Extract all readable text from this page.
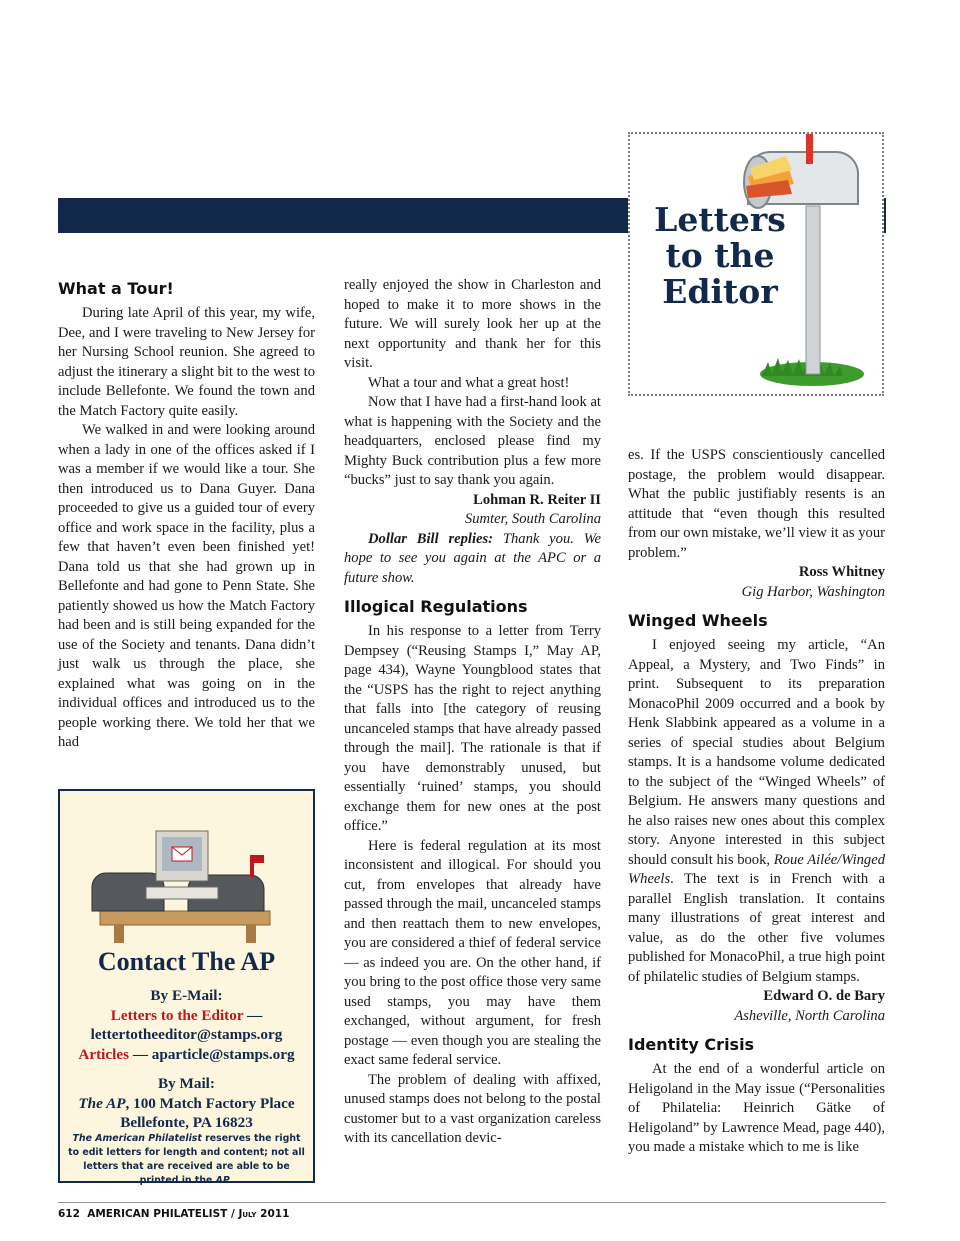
Letters
to the
Editor
What a Tour!

During late April of this year, my wife, Dee, and I were traveling to New Jersey for her Nursing School reunion. She agreed to adjust the itinerary a slight bit to the west to include Bellefonte. We found the town and the Match Factory quite easily.

We walked in and were looking around when a lady in one of the offices asked if I was a member if we would like a tour. She then introduced us to Dana Guyer. Dana proceeded to give us a guided tour of every office and work space in the facility, plus a few that haven’t even been finished yet! Dana told us that she had grown up in Bellefonte and had gone to Penn State. She patiently showed us how the Match Factory had been and is still being expanded for the use of the Society and tenants. Dana didn’t just walk us through the place, she explained what was going on in the individual offices and introduced us to the people working there. We told her that we had

Contact The AP
By E-Mail:
Letters to the Editor —
lettertotheeditor@stamps.org
Articles — aparticle@stamps.org
By Mail:
The AP, 100 Match Factory Place
Bellefonte, PA 16823
The American Philatelist reserves the right to edit letters for length and content; not all letters that are received are able to be printed in the AP.

really enjoyed the show in Charleston and hoped to make it to more shows in the future. We will surely look her up at the next opportunity and thank her for this visit.

What a tour and what a great host!

Now that I have had a first-hand look at what is happening with the Society and the headquarters, enclosed please find my Mighty Buck contribution plus a few more “bucks” just to say thank you again.

Lohman R. Reiter II

Sumter, South Carolina

Dollar Bill replies: Thank you. We hope to see you again at the APC or a future show.

Illogical Regulations

In his response to a letter from Terry Dempsey (“Reusing Stamps I,” May AP, page 434), Wayne Youngblood states that the “USPS has the right to reject anything that falls into [the category of reusing uncanceled stamps that have already passed through the mail]. The rationale is that if you have demonstrably unused, but essentially ‘ruined’ stamps, you should exchange them for new ones at the post office.”

Here is federal regulation at its most inconsistent and illogical. For should you cut, from envelopes that already have passed through the mail, uncanceled stamps and then reattach them to new envelopes, you are considered a thief of federal service — as indeed you are. On the other hand, if you bring to the post office those very same used stamps, you may have them exchanged, without argument, for fresh postage — even though you are stealing the exact same federal service.

The problem of dealing with affixed, unused stamps does not belong to the postal customer but to a vast organization careless with its cancellation devic-

es. If the USPS conscientiously cancelled postage, the problem would disappear. What the public justifiably resents is an attitude that “even though this resulted from our own mistake, we’ll view it as your problem.”

Ross Whitney

Gig Harbor, Washington

Winged Wheels

I enjoyed seeing my article, “An Appeal, a Mystery, and Two Finds” in print. Subsequent to its preparation MonacoPhil 2009 occurred and a book by Henk Slabbink appeared as a volume in a series of special studies about Belgium stamps. It is a handsome volume dedicated to the subject of the “Winged Wheels” of Belgium. He answers many questions and he also raises new ones about this complex story. Anyone interested in this subject should consult his book, Roue Ailée/Winged Wheels. The text is in French with a parallel English translation. It contains many illustrations of great interest and value, as do the other five volumes published for MonacoPhil, a true high point of philatelic studies of Belgium stamps.

Edward O. de Bary

Asheville, North Carolina

Identity Crisis

At the end of a wonderful article on Heligoland in the May issue (“Personalities of Philatelia: Heinrich Gätke of Heligoland” by Lawrence Mead, page 440), you made a mistake which to me is like

612 AMERICAN PHILATELIST / July 2011
